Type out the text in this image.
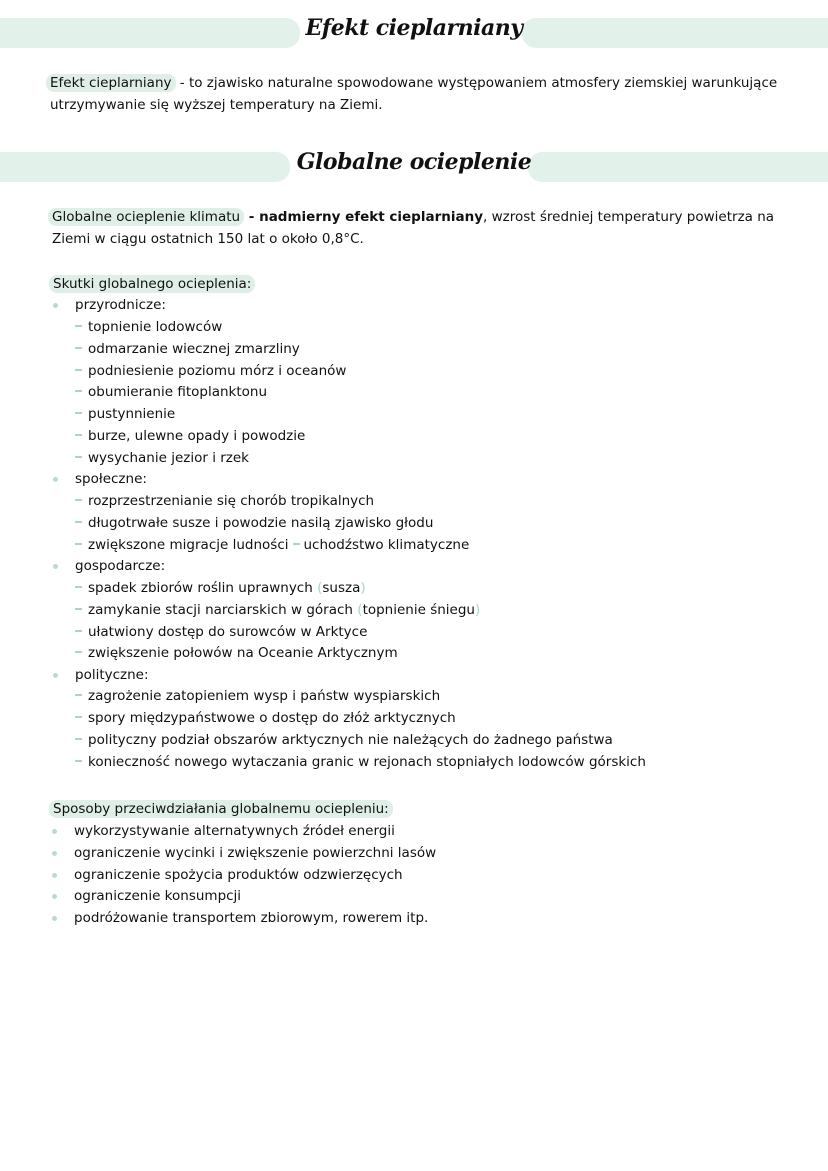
Efekt cieplarniany
Efekt cieplarniany - to zjawisko naturalne spowodowane występowaniem atmosfery ziemskiej warunkujące
utrzymywanie się wyższej temperatury na Ziemi.
Globalne ocieplenie
Globalne ocieplenie klimatu - nadmierny efekt cieplarniany, wzrost średniej temperatury powietrza na
Ziemi w ciągu ostatnich 150 lat o około 0,8°C.
Skutki globalnego ocieplenia:
przyrodnicze:
topnienie lodowców
odmarzanie wiecznej zmarzliny
podniesienie poziomu mórz i oceanów
obumieranie fitoplanktonu
pustynnienie
burze, ulewne opady i powodzie
wysychanie jezior i rzek
społeczne:
rozprzestrzenianie się chorób tropikalnych
długotrwałe susze i powodzie nasilą zjawisko głodu
zwiększone migracje ludności uchodźstwo klimatyczne
gospodarcze:
spadek zbiorów roślin uprawnych (susza)
zamykanie stacji narciarskich w górach (topnienie śniegu)
ułatwiony dostęp do surowców w Arktyce
zwiększenie połowów na Oceanie Arktycznym
polityczne:
zagrożenie zatopieniem wysp i państw wyspiarskich
spory międzypaństwowe o dostęp do złóż arktycznych
polityczny podział obszarów arktycznych nie należących do żadnego państwa
konieczność nowego wytaczania granic w rejonach stopniałych lodowców górskich
Sposoby przeciwdziałania globalnemu ociepleniu:
wykorzystywanie alternatywnych źródeł energii
ograniczenie wycinki i zwiększenie powierzchni lasów
ograniczenie spożycia produktów odzwierzęcych
ograniczenie konsumpcji
podróżowanie transportem zbiorowym, rowerem itp.
